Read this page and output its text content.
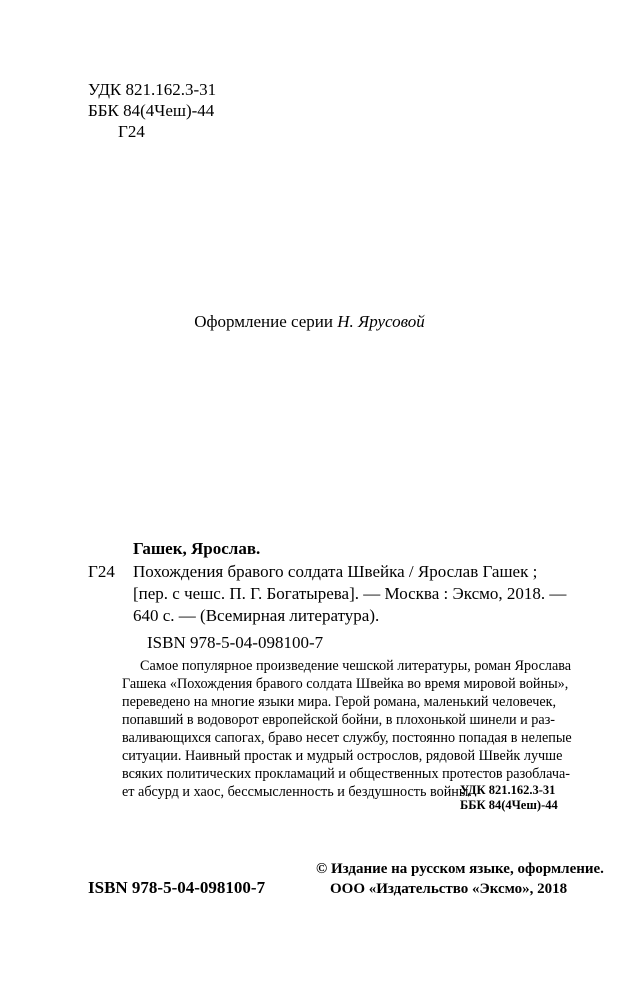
УДК 821.162.3-31
ББК 84(4Чеш)-44
Г24
Оформление серии Н. Ярусовой
Гашек, Ярослав.
Г24 Похождения бравого солдата Швейка / Ярослав Гашек ;
[пер. с чешс. П. Г. Богатырева]. — Москва : Эксмо, 2018. —
640 с. — (Всемирная литература).
ISBN 978-5-04-098100-7
Самое популярное произведение чешской литературы, роман Ярослава
Гашека «Похождения бравого солдата Швейка во время мировой войны»,
переведено на многие языки мира. Герой романа, маленький человечек,
попавший в водоворот европейской бойни, в плохонькой шинели и раз-
валивающихся сапогах, браво несет службу, постоянно попадая в нелепые
ситуации. Наивный простак и мудрый острослов, рядовой Швейк лучше
всяких политических прокламаций и общественных протестов разоблача-
ет абсурд и хаос, бессмысленность и бездушность войны.
УДК 821.162.3-31
ББК 84(4Чеш)-44
ISBN 978-5-04-098100-7
© Издание на русском языке, оформление.
ООО «Издательство «Эксмо», 2018
